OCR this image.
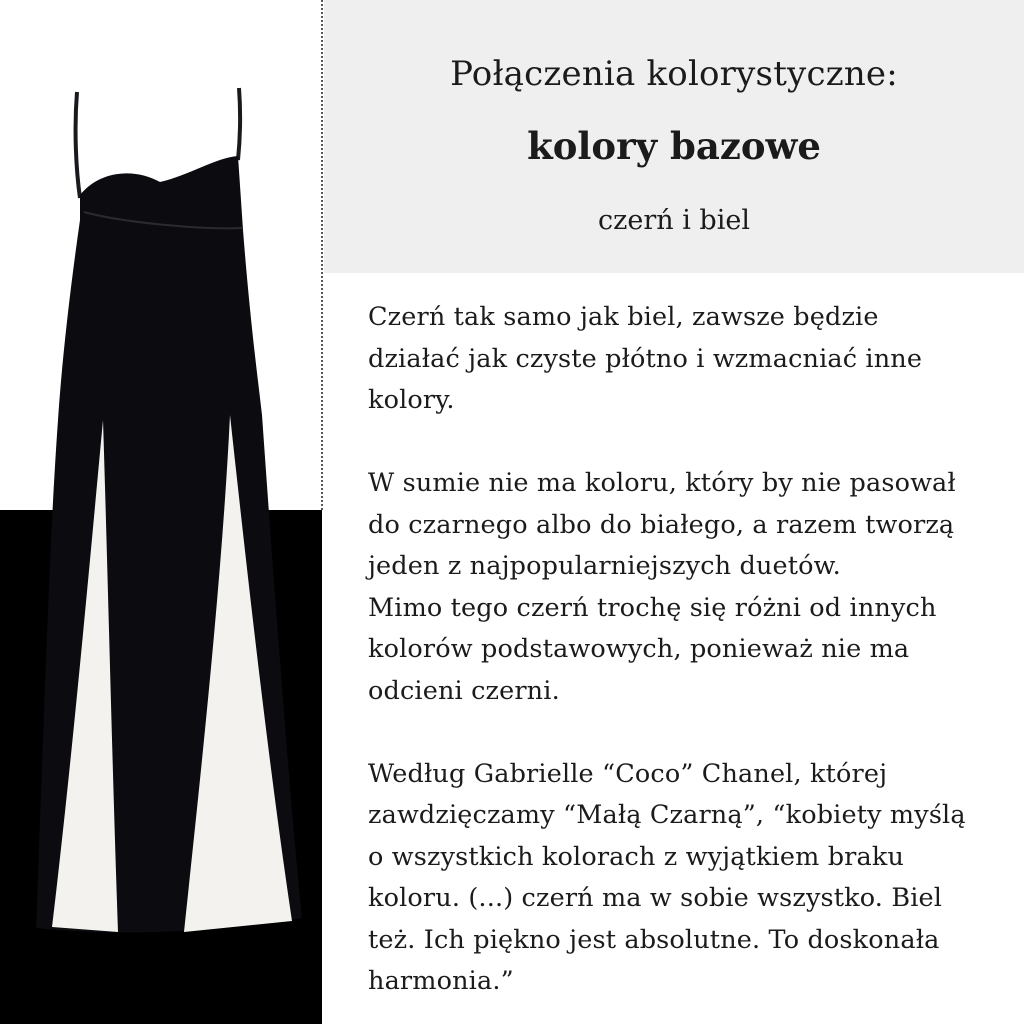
Połączenia kolorystyczne:
kolory bazowe
czerń i biel

Czerń tak samo jak biel, zawsze będzie
działać jak czyste płótno i wzmacniać inne
kolory.

W sumie nie ma koloru, który by nie pasował
do czarnego albo do białego, a razem tworzą
jeden z najpopularniejszych duetów.
Mimo tego czerń trochę się różni od innych
kolorów podstawowych, ponieważ nie ma
odcieni czerni.

Według Gabrielle “Coco” Chanel, której
zawdzięczamy “Małą Czarną”, “kobiety myślą
o wszystkich kolorach z wyjątkiem braku
koloru. (...) czerń ma w sobie wszystko. Biel
też. Ich piękno jest absolutne. To doskonała
harmonia.”
